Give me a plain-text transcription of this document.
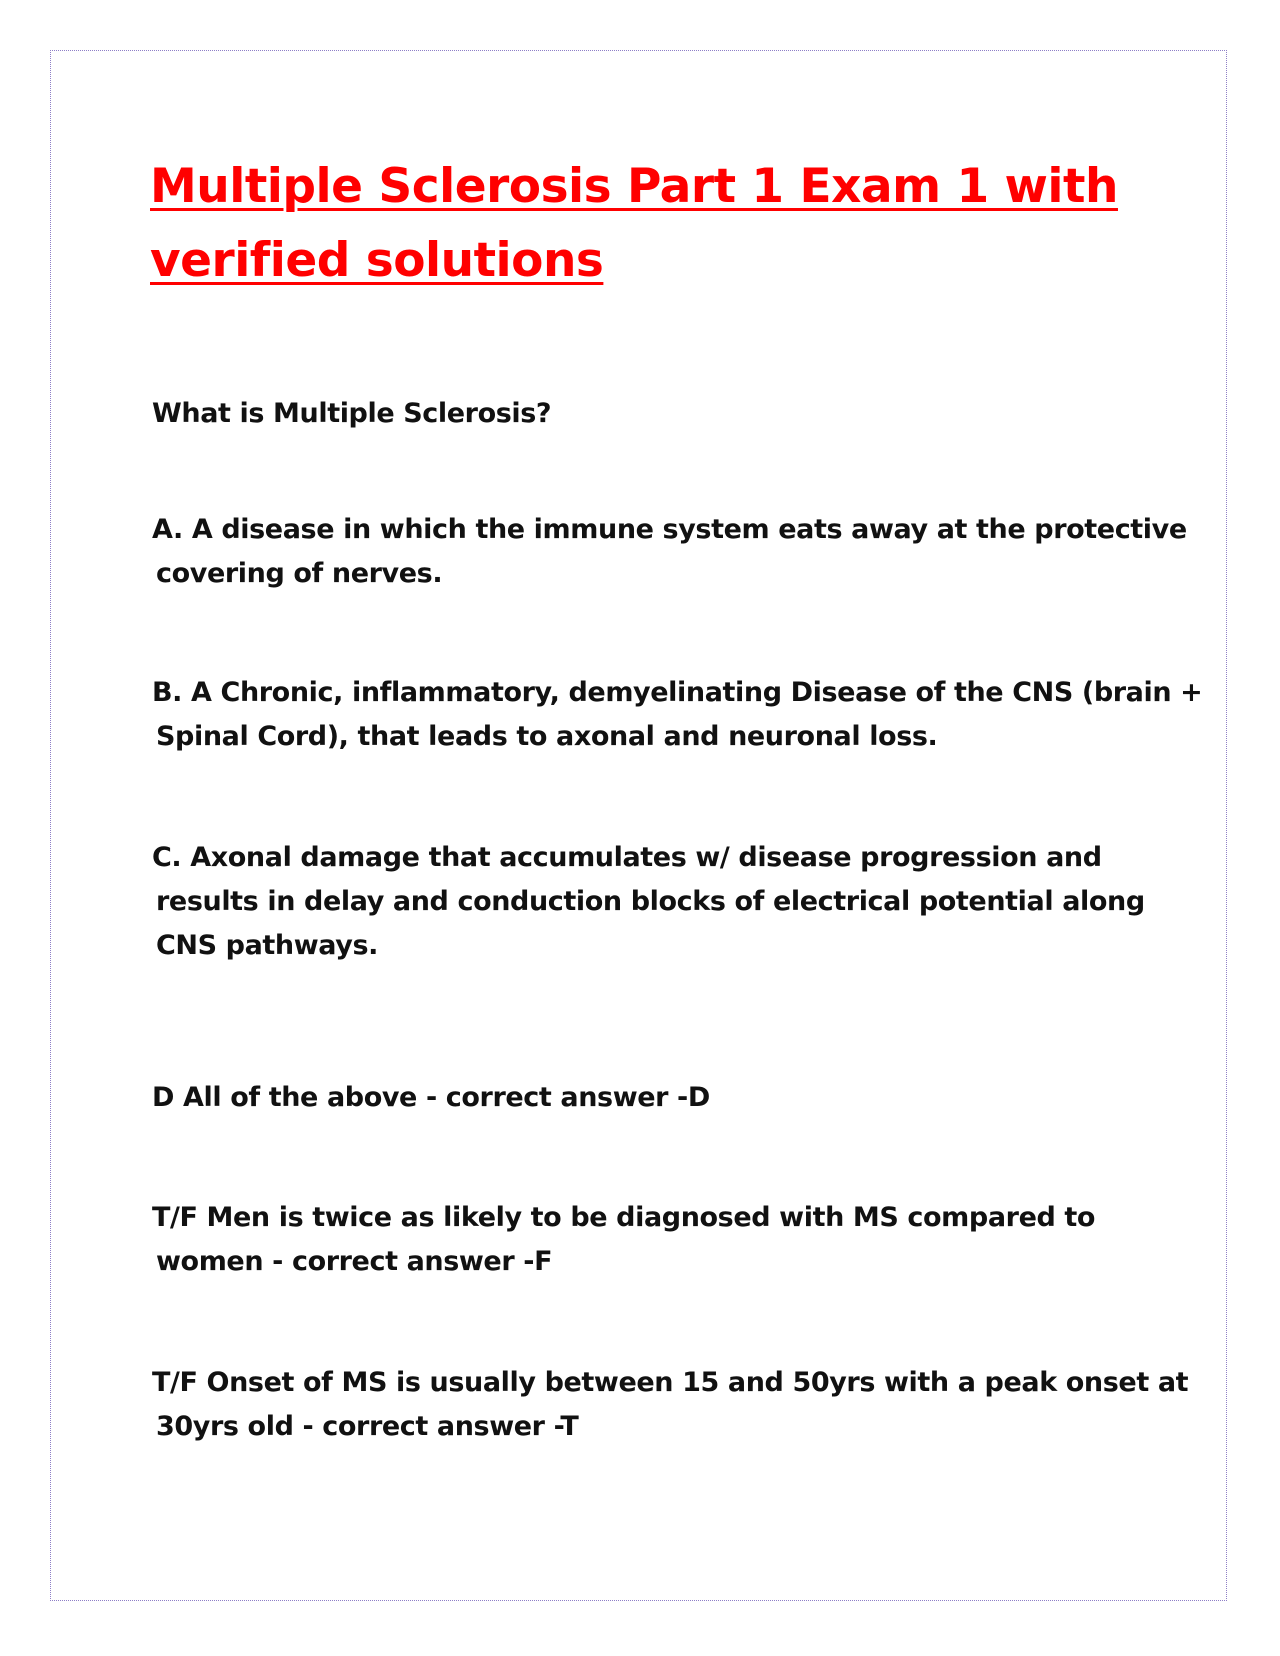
Multiple Sclerosis Part 1 Exam 1 with
verified solutions

What is Multiple Sclerosis?

A. A disease in which the immune system eats away at the protective
covering of nerves.

B. A Chronic, inflammatory, demyelinating Disease of the CNS (brain +
Spinal Cord), that leads to axonal and neuronal loss.

C. Axonal damage that accumulates w/ disease progression and
results in delay and conduction blocks of electrical potential along
CNS pathways.

D All of the above - correct answer -D

T/F Men is twice as likely to be diagnosed with MS compared to
women - correct answer -F

T/F Onset of MS is usually between 15 and 50yrs with a peak onset at
30yrs old - correct answer -T
